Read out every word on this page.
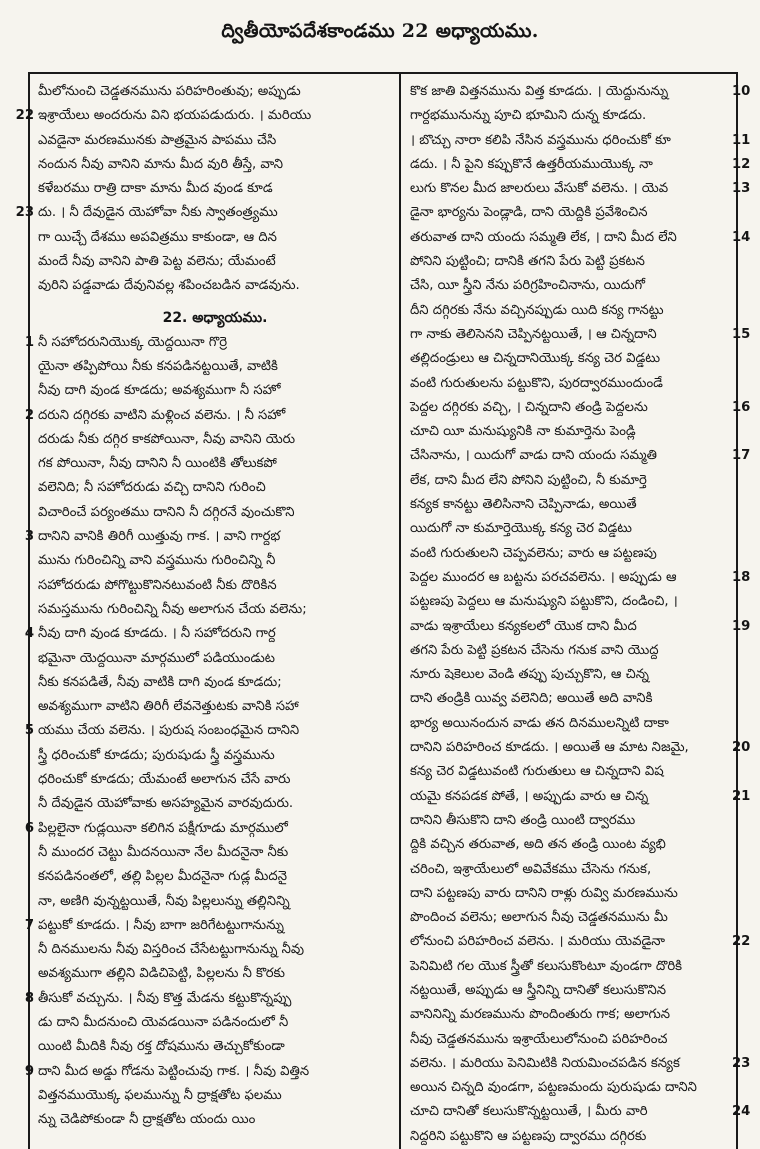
ద్వితీయోపదేశకాండము 22 అధ్యాయము.
మీలోనుంచి చెడ్డతనమును పరిహరింతువు; అప్పుడు
22 ఇశ్రాయేలు అందరును విని భయపడుదురు. । మరియు
ఎవడైనా మరణమునకు పాత్రమైన పాపము చేసి
నందున నీవు వానిని మాను మీద వురి తీస్తే, వాని
కళేబరము రాత్రి దాకా మాను మీద వుండ కూడ
23 దు. । నీ దేవుడైన యెహోవా నీకు స్వాతంత్ర్యము
గా యిచ్చే దేశము అపవిత్రము కాకుండా, ఆ దిన
మందే నీవు వానిని పాతి పెట్ట వలెను; యేమంటే
వురిని పడ్డవాడు దేవునివల్ల శపించబడిన వాడవును.
22. అధ్యాయము.
1 నీ సహోదరునియొక్క యెద్దయినా గొర్రె
యైనా తప్పిపోయి నీకు కనపడినట్టయితే, వాటికి
నీవు దాగి వుండ కూడదు; అవశ్యముగా నీ సహో
2 దరుని దగ్గిరకు వాటిని మళ్లించ వలెను. । నీ సహో
దరుడు నీకు దగ్గిర కాకపోయినా, నీవు వానిని యెరు
గక పోయినా, నీవు దానిని నీ యింటికి తోలుకపో
వలెనిది; నీ సహోదరుడు వచ్చి దానిని గురించి
విచారించే పర్యంతము దానిని నీ దగ్గిరనే వుంచుకొని
3 దానిని వానికి తిరిగీ యిత్తువు గాక. । వాని గార్దభ
మును గురించిన్ని వాని వస్త్రమును గురించిన్ని నీ
సహోదరుడు పోగొట్టుకొనినటువంటి నీకు దొరికిన
సమస్తమును గురించిన్ని నీవు అలాగున చేయ వలెను;
4 నీవు దాగి వుండ కూడదు. । నీ సహోదరుని గార్ద
భమైనా యెద్దయినా మార్గములో పడియుండుట
నీకు కనపడితే, నీవు వాటికి దాగి వుండ కూడదు;
అవశ్యముగా వాటిని తిరిగీ లేవనెత్తుటకు వానికి సహా
5 యము చేయ వలెను. । పురుష సంబంధమైన దానిని
స్త్రీ ధరించుకో కూడదు; పురుషుడు స్త్రీ వస్త్రమును
ధరించుకో కూడదు; యేమంటే అలాగున చేసే వారు
నీ దేవుడైన యెహోవాకు అసహ్యమైన వారవుదురు.
6 పిల్లలైనా గుడ్లయినా కలిగిన పక్షీగూడు మార్గములో
నీ ముందర చెట్టు మీదనయినా నేల మీదనైనా నీకు
కనపడినంతలో, తల్లి పిల్లల మీదనైనా గుడ్ల మీదనై
నా, అణిగి వున్నట్టయితే, నీవు పిల్లలున్ను తల్లినిన్ని
7 పట్టుకో కూడదు. । నీవు బాగా జరిగేటట్టుగానున్ను
నీ దినములను నీవు విస్తరించ చేసేటట్టుగానున్ను నీవు
అవశ్యముగా తల్లిని విడిచిపెట్టి, పిల్లలను నీ కొరకు
8 తీసుకో వచ్చును. । నీవు కొత్త మేడను కట్టుకొన్నప్పు
డు దాని మీదనుంచి యెవడయినా పడినందులో నీ
యింటి మీదికి నీవు రక్త దోషమును తెచ్చుకోకుండా
9 దాని మీద అడ్డు గోడను పెట్టించువు గాక. । నీవు విత్తిన
విత్తనముయొక్క ఫలమున్ను నీ ద్రాక్షతోట ఫలము
న్ను చెడిపోకుండా నీ ద్రాక్షతోట యందు యిం
10
కొక జాతి విత్తనమును విత్త కూడదు. । యెద్దునున్ను
గార్దభమునున్ను పూచి భూమిని దున్న కూడదు.
11
। బొచ్చు నారా కలిపి నేసిన వస్త్రమును ధరించుకో కూ
12
డదు. । నీ పైని కప్పుకొనే ఉత్తరీయముయొక్క నా
13
లుగు కొనల మీద జాలరులు వేసుకో వలెను. । యెవ
డైనా భార్యను పెండ్లాడి, దాని యెద్దికి ప్రవేశించిన
14
తరువాత దాని యందు సమ్మతి లేక, । దాని మీద లేని
పోనిని పుట్టించి; దానికి తగని పేరు పెట్టి ప్రకటన
చేసి, యీ స్త్రీని నేను పరిగ్రహించినాను, యిదుగో
దీని దగ్గిరకు నేను వచ్చినప్పుడు యిది కన్య గానట్టు
15
గా నాకు తెలిసెనని చెప్పినట్టయితే, । ఆ చిన్నదాని
తల్లిదండ్రులు ఆ చిన్నదానియొక్క కన్య చెర విడ్డటు
వంటి గురుతులను పట్టుకొని, పురద్వారముందుండే
16
పెద్దల దగ్గిరకు వచ్చి, । చిన్నదాని తండ్రి పెద్దలను
చూచి యీ మనుష్యునికి నా కుమార్తెను పెండ్లి
17
చేసినాను, । యిదుగో వాడు దాని యందు సమ్మతి
లేక, దాని మీద లేని పోనిని పుట్టించి, నీ కుమార్తె
కన్యక కానట్టు తెలిసినాని చెప్పినాడు, అయితే
యిదుగో నా కుమార్తెయొక్క కన్య చెర విడ్డటు
వంటి గురుతులని చెప్పవలెను; వారు ఆ పట్టణపు
18
పెద్దల ముందర ఆ బట్టను పరచవలెను. । అప్పుడు ఆ
పట్టణపు పెద్దలు ఆ మనుష్యుని పట్టుకొని, దండించి, ।
19
వాడు ఇశ్రాయేలు కన్యకలలో యొక దాని మీద
తగని పేరు పెట్టి ప్రకటన చేసెను గనుక వాని యొద్ద
నూరు షెకెలుల వెండి తప్పు పుచ్చుకొని, ఆ చిన్న
దాని తండ్రికి యివ్వ వలెనిది; అయితే అది వానికి
భార్య అయినందున వాడు తన దినములన్నిటి దాకా
20
దానిని పరిహరించ కూడదు. । అయితే ఆ మాట నిజమై,
కన్య చెర విడ్డటువంటి గురుతులు ఆ చిన్నదాని విష
21
యమై కనపడక పోతే, । అప్పుడు వారు ఆ చిన్న
దానిని తీసుకొని దాని తండ్రి యింటి ద్వారము
ద్దికి వచ్చిన తరువాత, అది తన తండ్రి యింట వ్యభి
చరించి, ఇశ్రాయేలులో అవివేకము చేసెను గనుక,
దాని పట్టణపు వారు దానిని రాళ్లు రువ్వి మరణమును
పొందించ వలెను; అలాగున నీవు చెడ్డతనమును మీ
22
లోనుంచి పరిహరించ వలెను. । మరియు యెవడైనా
పెనిమిటి గల యొక స్త్రీతో కలుసుకొంటూ వుండగా దొరికి
నట్టయితే, అప్పుడు ఆ స్త్రీనిన్ని దానితో కలుసుకొనిన
వానినిన్ని మరణమును పొందింతురు గాక; అలాగున
నీవు చెడ్డతనమును ఇశ్రాయేలులోనుంచి పరిహరించ
23
వలెను. । మరియు పెనిమిటికి నియమించపడిన కన్యక
అయిన చిన్నది వుండగా, పట్టణమందు పురుషుడు దానిని
24
చూచి దానితో కలుసుకొన్నట్టయితే, । మీరు వారి
నిద్దరిని పట్టుకొని ఆ పట్టణపు ద్వారము దగ్గిరకు
